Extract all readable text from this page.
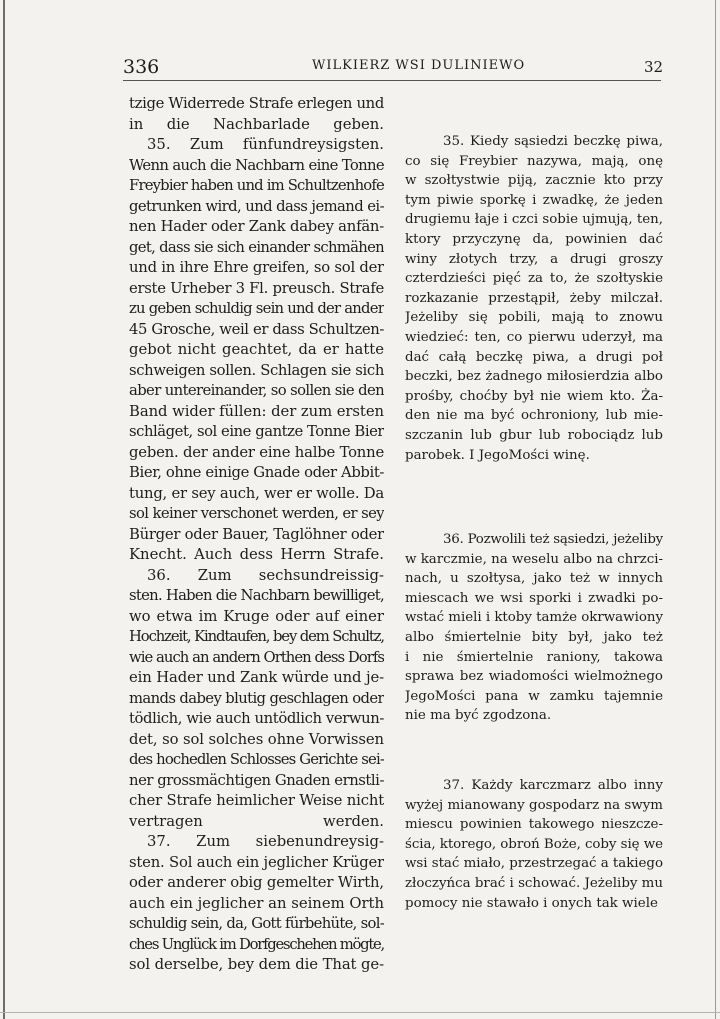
336	WILKIERZ WSI DULINIEWO	32
tzige Widerrede Strafe erlegen und
in die Nachbarlade geben.
35. Zum fünfundreysigsten.
Wenn auch die Nachbarn eine Tonne
Freybier haben und im Schultzenhofe
getrunken wird, und dass jemand ei-
nen Hader oder Zank dabey anfän-
get, dass sie sich einander schmähen
und in ihre Ehre greifen, so sol der
erste Urheber 3 Fl. preusch. Strafe
zu geben schuldig sein und der ander
45 Grosche, weil er dass Schultzen-
gebot nicht geachtet, da er hatte
schweigen sollen. Schlagen sie sich
aber untereinander, so sollen sie den
Band wider füllen: der zum ersten
schläget, sol eine gantze Tonne Bier
geben. der ander eine halbe Tonne
Bier, ohne einige Gnade oder Abbit-
tung, er sey auch, wer er wolle. Da
sol keiner verschonet werden, er sey
Bürger oder Bauer, Taglöhner oder
Knecht. Auch dess Herrn Strafe.
36. Zum sechsundreissig-
sten. Haben die Nachbarn bewilliget,
wo etwa im Kruge oder auf einer
Hochzeit, Kindtaufen, bey dem Schultz,
wie auch an andern Orthen dess Dorfs
ein Hader und Zank würde und je-
mands dabey blutig geschlagen oder
tödlich, wie auch untödlich verwun-
det, so sol solches ohne Vorwissen
des hochedlen Schlosses Gerichte sei-
ner grossmächtigen Gnaden ernstli-
cher Strafe heimlicher Weise nicht
vertragen werden.
37. Zum siebenundreysig-
sten. Sol auch ein jeglicher Krüger
oder anderer obig gemelter Wirth,
auch ein jeglicher an seinem Orth
schuldig sein, da, Gott fürbehüte, sol-
ches Unglück im Dorfgeschehen mögte,
sol derselbe, bey dem die That ge-
35. Kiedy sąsiedzi beczkę piwa,
co się Freybier nazywa, mają, onę
w szołtystwie piją, zacznie kto przy
tym piwie sporkę i zwadkę, że jeden
drugiemu łaje i czci sobie ujmują, ten,
ktory przyczynę da, powinien dać
winy złotych trzy, a drugi groszy
czterdzieści pięć za to, że szołtyskie
rozkazanie przestąpił, żeby milczał.
Jeżeliby się pobili, mają to znowu
wiedzieć: ten, co pierwu uderzył, ma
dać całą beczkę piwa, a drugi poł
beczki, bez żadnego miłosierdzia albo
prośby, choćby był nie wiem kto. Ża-
den nie ma być ochroniony, lub mie-
szczanin lub gbur lub robociądz lub
parobek. I JegoMości winę.
36. Pozwolili też sąsiedzi, jeżeliby
w karczmie, na weselu albo na chrzci-
nach, u szołtysa, jako też w innych
miescach we wsi sporki i zwadki po-
wstać mieli i ktoby tamże okrwawiony
albo śmiertelnie bity był, jako też
i nie śmiertelnie raniony, takowa
sprawa bez wiadomości wielmożnego
JegoMości pana w zamku tajemnie
nie ma być zgodzona.
37. Każdy karczmarz albo inny
wyżej mianowany gospodarz na swym
miescu powinien takowego nieszcze-
ścia, ktorego, obroń Boże, coby się we
wsi stać miało, przestrzegać a takiego
złoczyńca brać i schować. Jeżeliby mu
pomocy nie stawało i onych tak wiele
